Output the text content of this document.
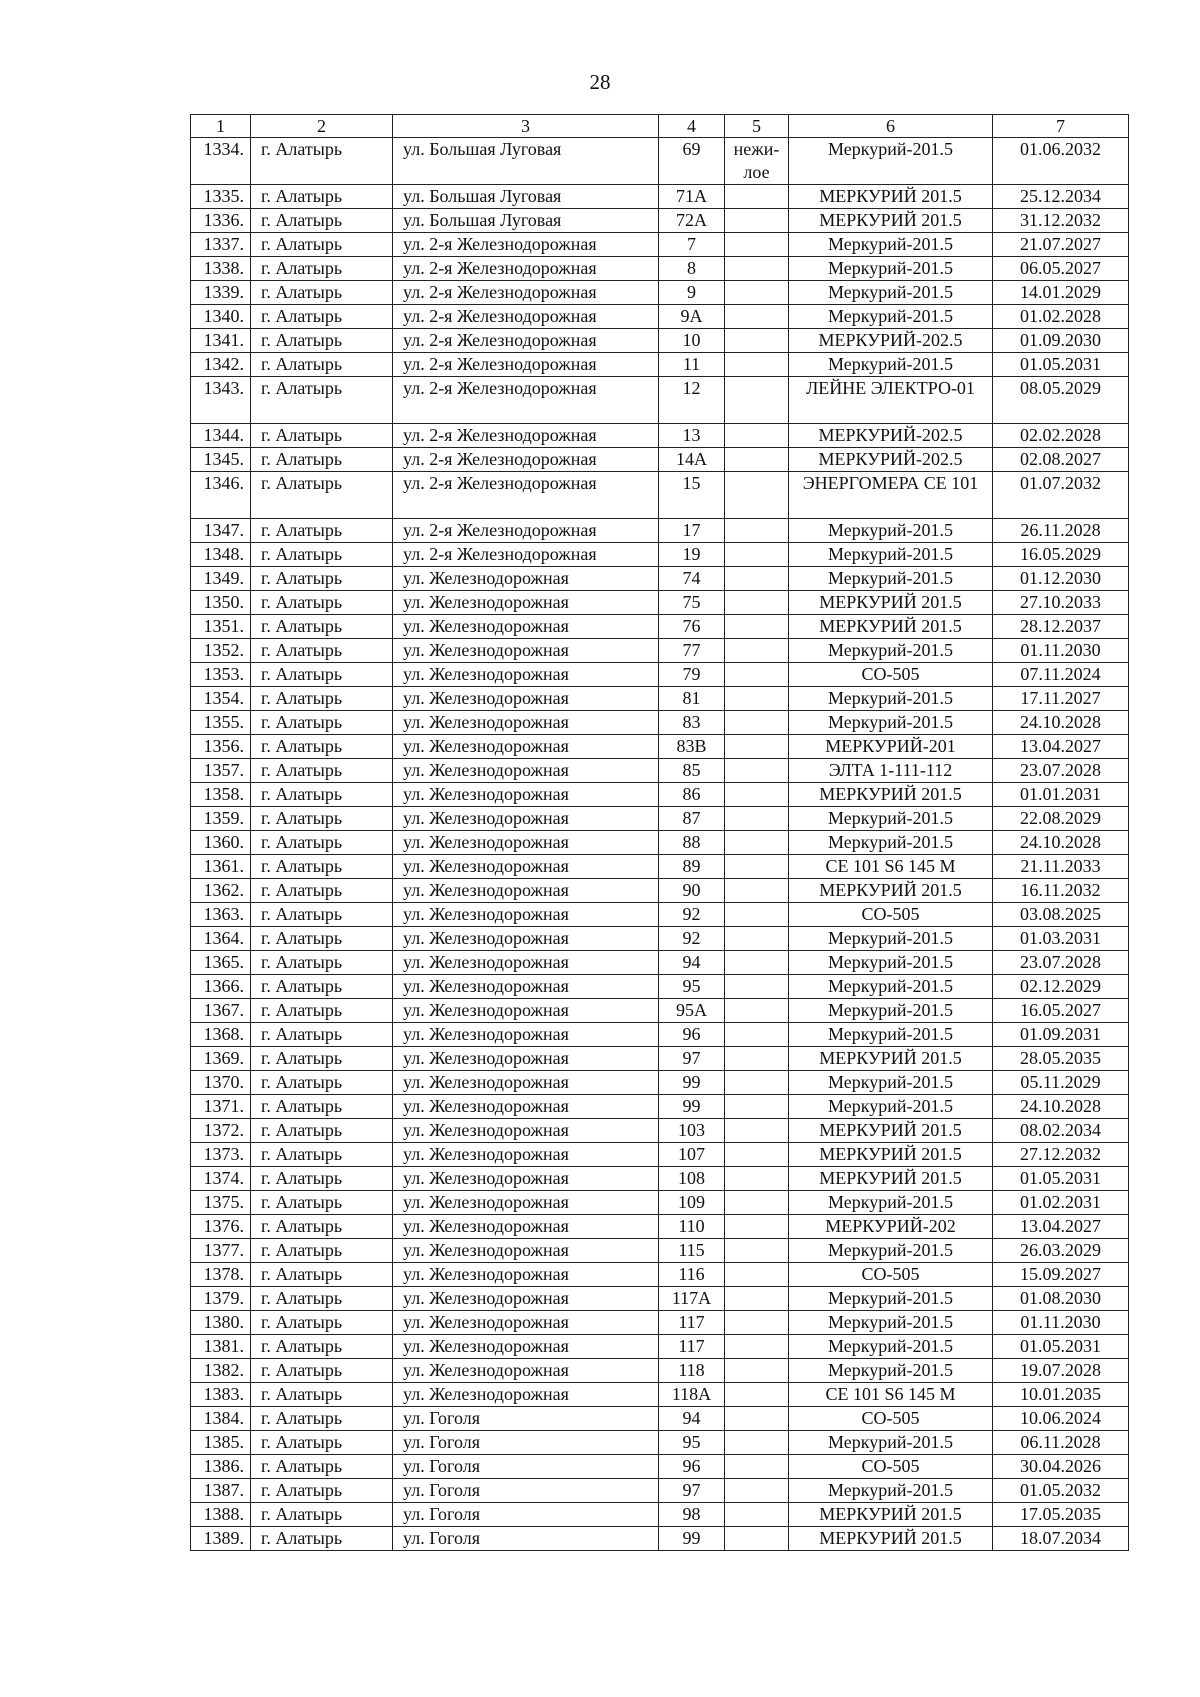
28
1	2	3	4	5	6	7
1334.	г. Алатырь	ул. Большая Луговая	69	нежи-лое	Меркурий-201.5	01.06.2032
1335.	г. Алатырь	ул. Большая Луговая	71А		МЕРКУРИЙ 201.5	25.12.2034
1336.	г. Алатырь	ул. Большая Луговая	72А		МЕРКУРИЙ 201.5	31.12.2032
1337.	г. Алатырь	ул. 2-я Железнодорожная	7		Меркурий-201.5	21.07.2027
1338.	г. Алатырь	ул. 2-я Железнодорожная	8		Меркурий-201.5	06.05.2027
1339.	г. Алатырь	ул. 2-я Железнодорожная	9		Меркурий-201.5	14.01.2029
1340.	г. Алатырь	ул. 2-я Железнодорожная	9А		Меркурий-201.5	01.02.2028
1341.	г. Алатырь	ул. 2-я Железнодорожная	10		МЕРКУРИЙ-202.5	01.09.2030
1342.	г. Алатырь	ул. 2-я Железнодорожная	11		Меркурий-201.5	01.05.2031
1343.	г. Алатырь	ул. 2-я Железнодорожная	12		ЛЕЙНЕ ЭЛЕКТРО-01	08.05.2029
1344.	г. Алатырь	ул. 2-я Железнодорожная	13		МЕРКУРИЙ-202.5	02.02.2028
1345.	г. Алатырь	ул. 2-я Железнодорожная	14А		МЕРКУРИЙ-202.5	02.08.2027
1346.	г. Алатырь	ул. 2-я Железнодорожная	15		ЭНЕРГОМЕРА СЕ 101	01.07.2032
1347.	г. Алатырь	ул. 2-я Железнодорожная	17		Меркурий-201.5	26.11.2028
1348.	г. Алатырь	ул. 2-я Железнодорожная	19		Меркурий-201.5	16.05.2029
1349.	г. Алатырь	ул. Железнодорожная	74		Меркурий-201.5	01.12.2030
1350.	г. Алатырь	ул. Железнодорожная	75		МЕРКУРИЙ 201.5	27.10.2033
1351.	г. Алатырь	ул. Железнодорожная	76		МЕРКУРИЙ 201.5	28.12.2037
1352.	г. Алатырь	ул. Железнодорожная	77		Меркурий-201.5	01.11.2030
1353.	г. Алатырь	ул. Железнодорожная	79		СО-505	07.11.2024
1354.	г. Алатырь	ул. Железнодорожная	81		Меркурий-201.5	17.11.2027
1355.	г. Алатырь	ул. Железнодорожная	83		Меркурий-201.5	24.10.2028
1356.	г. Алатырь	ул. Железнодорожная	83В		МЕРКУРИЙ-201	13.04.2027
1357.	г. Алатырь	ул. Железнодорожная	85		ЭЛТА 1-111-112	23.07.2028
1358.	г. Алатырь	ул. Железнодорожная	86		МЕРКУРИЙ 201.5	01.01.2031
1359.	г. Алатырь	ул. Железнодорожная	87		Меркурий-201.5	22.08.2029
1360.	г. Алатырь	ул. Железнодорожная	88		Меркурий-201.5	24.10.2028
1361.	г. Алатырь	ул. Железнодорожная	89		СЕ 101 S6 145 М	21.11.2033
1362.	г. Алатырь	ул. Железнодорожная	90		МЕРКУРИЙ 201.5	16.11.2032
1363.	г. Алатырь	ул. Железнодорожная	92		СО-505	03.08.2025
1364.	г. Алатырь	ул. Железнодорожная	92		Меркурий-201.5	01.03.2031
1365.	г. Алатырь	ул. Железнодорожная	94		Меркурий-201.5	23.07.2028
1366.	г. Алатырь	ул. Железнодорожная	95		Меркурий-201.5	02.12.2029
1367.	г. Алатырь	ул. Железнодорожная	95А		Меркурий-201.5	16.05.2027
1368.	г. Алатырь	ул. Железнодорожная	96		Меркурий-201.5	01.09.2031
1369.	г. Алатырь	ул. Железнодорожная	97		МЕРКУРИЙ 201.5	28.05.2035
1370.	г. Алатырь	ул. Железнодорожная	99		Меркурий-201.5	05.11.2029
1371.	г. Алатырь	ул. Железнодорожная	99		Меркурий-201.5	24.10.2028
1372.	г. Алатырь	ул. Железнодорожная	103		МЕРКУРИЙ 201.5	08.02.2034
1373.	г. Алатырь	ул. Железнодорожная	107		МЕРКУРИЙ 201.5	27.12.2032
1374.	г. Алатырь	ул. Железнодорожная	108		МЕРКУРИЙ 201.5	01.05.2031
1375.	г. Алатырь	ул. Железнодорожная	109		Меркурий-201.5	01.02.2031
1376.	г. Алатырь	ул. Железнодорожная	110		МЕРКУРИЙ-202	13.04.2027
1377.	г. Алатырь	ул. Железнодорожная	115		Меркурий-201.5	26.03.2029
1378.	г. Алатырь	ул. Железнодорожная	116		СО-505	15.09.2027
1379.	г. Алатырь	ул. Железнодорожная	117А		Меркурий-201.5	01.08.2030
1380.	г. Алатырь	ул. Железнодорожная	117		Меркурий-201.5	01.11.2030
1381.	г. Алатырь	ул. Железнодорожная	117		Меркурий-201.5	01.05.2031
1382.	г. Алатырь	ул. Железнодорожная	118		Меркурий-201.5	19.07.2028
1383.	г. Алатырь	ул. Железнодорожная	118А		СЕ 101 S6 145 М	10.01.2035
1384.	г. Алатырь	ул. Гоголя	94		СО-505	10.06.2024
1385.	г. Алатырь	ул. Гоголя	95		Меркурий-201.5	06.11.2028
1386.	г. Алатырь	ул. Гоголя	96		СО-505	30.04.2026
1387.	г. Алатырь	ул. Гоголя	97		Меркурий-201.5	01.05.2032
1388.	г. Алатырь	ул. Гоголя	98		МЕРКУРИЙ 201.5	17.05.2035
1389.	г. Алатырь	ул. Гоголя	99		МЕРКУРИЙ 201.5	18.07.2034
